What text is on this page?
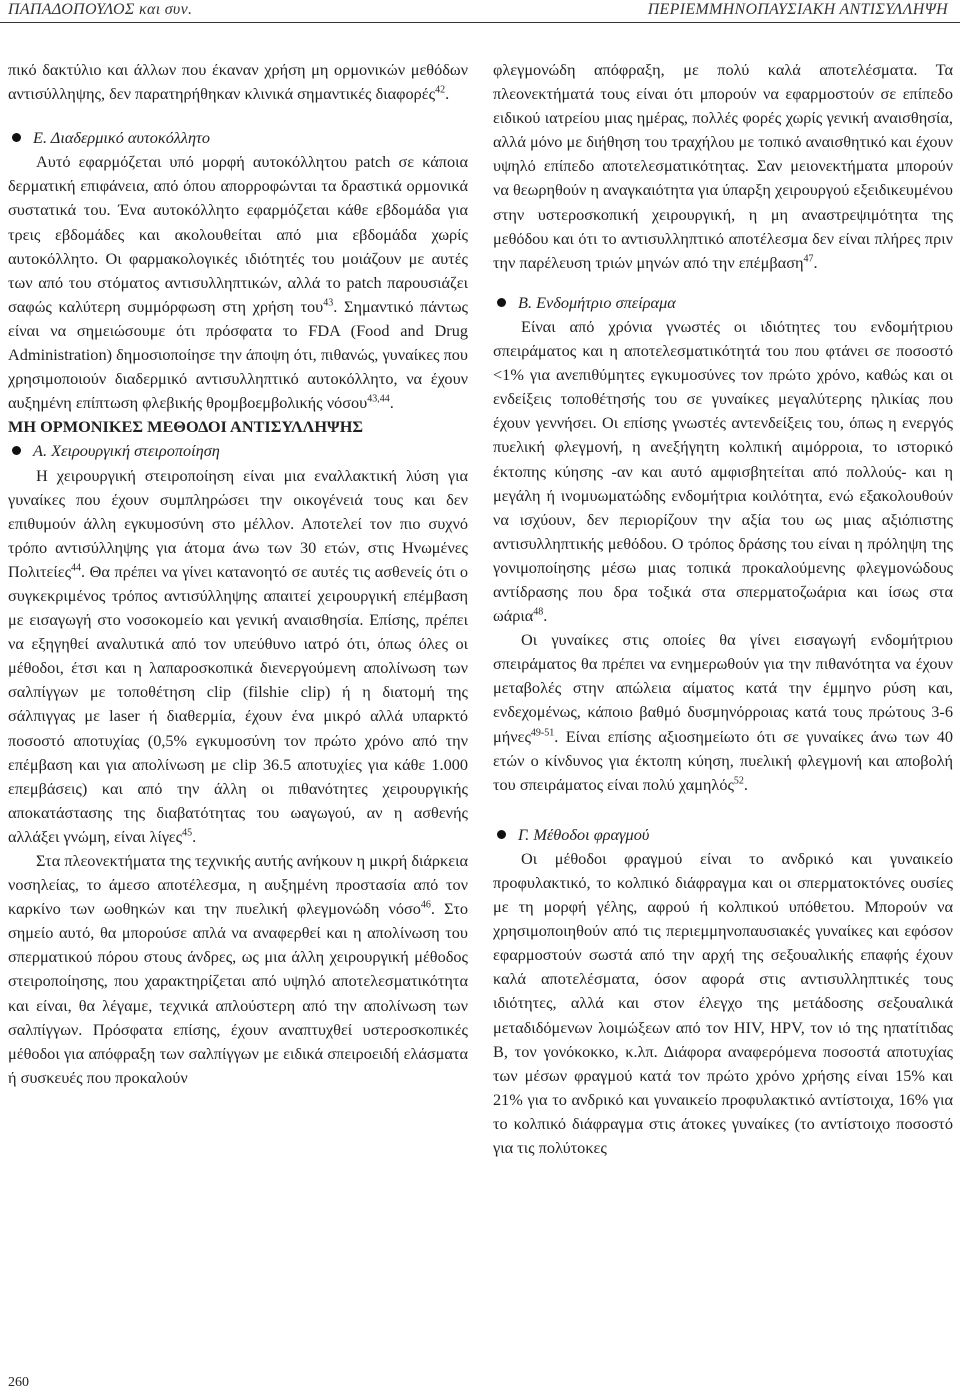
ΠΑΠΑΔΟΠΟΥΛΟΣ και συν.	ΠΕΡΙΕΜΜΗΝΟΠΑΥΣΙΑΚΗ ΑΝΤΙΣΥΛΛΗΨΗ

πικό δακτύλιο και άλλων που έκαναν χρήση μη ορμονικών μεθόδων αντισύλληψης, δεν παρατηρήθηκαν κλινικά σημαντικές διαφορές$^{42}$.

Ε. Διαδερμικό αυτοκόλλητο

Αυτό εφαρμόζεται υπό μορφή αυτοκόλλητου patch σε κάποια δερματική επιφάνεια, από όπου απορροφώνται τα δραστικά ορμονικά συστατικά του. Ένα αυτοκόλλητο εφαρμόζεται κάθε εβδομάδα για τρεις εβδομάδες και ακολουθείται από μια εβδομάδα χωρίς αυτοκόλλητο. Οι φαρμακολογικές ιδιότητές του μοιάζουν με αυτές των από του στόματος αντισυλληπτικών, αλλά το patch παρουσιάζει σαφώς καλύτερη συμμόρφωση στη χρήση του$^{43}$. Σημαντικό πάντως είναι να σημειώσουμε ότι πρόσφατα το FDA (Food and Drug Administration) δημοσιοποίησε την άποψη ότι, πιθανώς, γυναίκες που χρησιμοποιούν διαδερμικό αντισυλληπτικό αυτοκόλλητο, να έχουν αυξημένη επίπτωση φλεβικής θρομβοεμβολικής νόσου$^{43,44}$.

ΜΗ ΟΡΜΟΝΙΚΕΣ ΜΕΘΟΔΟΙ ΑΝΤΙΣΥΛΛΗΨΗΣ

Α. Χειρουργική στειροποίηση

Η χειρουργική στειροποίηση είναι μια εναλλακτική λύση για γυναίκες που έχουν συμπληρώσει την οικογένειά τους και δεν επιθυμούν άλλη εγκυμοσύνη στο μέλλον. Αποτελεί τον πιο συχνό τρόπο αντισύλληψης για άτομα άνω των 30 ετών, στις Ηνωμένες Πολιτείες$^{44}$. Θα πρέπει να γίνει κατανοητό σε αυτές τις ασθενείς ότι ο συγκεκριμένος τρόπος αντισύλληψης απαιτεί χειρουργική επέμβαση με εισαγωγή στο νοσοκομείο και γενική αναισθησία. Επίσης, πρέπει να εξηγηθεί αναλυτικά από τον υπεύθυνο ιατρό ότι, όπως όλες οι μέθοδοι, έτσι και η λαπαροσκοπικά διενεργούμενη απολίνωση των σαλπίγγων με τοποθέτηση clip (filshie clip) ή η διατομή της σάλπιγγας με laser ή διαθερμία, έχουν ένα μικρό αλλά υπαρκτό ποσοστό αποτυχίας (0,5% εγκυμοσύνη τον πρώτο χρόνο από την επέμβαση και για απολίνωση με clip 36.5 αποτυχίες για κάθε 1.000 επεμβάσεις) και από την άλλη οι πιθανότητες χειρουργικής αποκατάστασης της διαβατότητας του ωαγωγού, αν η ασθενής αλλάξει γνώμη, είναι λίγες$^{45}$.

Στα πλεονεκτήματα της τεχνικής αυτής ανήκουν η μικρή διάρκεια νοσηλείας, το άμεσο αποτέλεσμα, η αυξημένη προστασία από τον καρκίνο των ωοθηκών και την πυελική φλεγμονώδη νόσο$^{46}$. Στο σημείο αυτό, θα μπορούσε απλά να αναφερθεί και η απολίνωση του σπερματικού πόρου στους άνδρες, ως μια άλλη χειρουργική μέθοδος στειροποίησης, που χαρακτηρίζεται από υψηλό αποτελεσματικότητα και είναι, θα λέγαμε, τεχνικά απλούστερη από την απολίνωση των σαλπίγγων. Πρόσφατα επίσης, έχουν αναπτυχθεί υστεροσκοπικές μέθοδοι για απόφραξη των σαλπίγγων με ειδικά σπειροειδή ελάσματα ή συσκευές που προκαλούν

φλεγμονώδη απόφραξη, με πολύ καλά αποτελέσματα. Τα πλεονεκτήματά τους είναι ότι μπορούν να εφαρμοστούν σε επίπεδο ειδικού ιατρείου μιας ημέρας, πολλές φορές χωρίς γενική αναισθησία, αλλά μόνο με διήθηση του τραχήλου με τοπικό αναισθητικό και έχουν υψηλό επίπεδο αποτελεσματικότητας. Σαν μειονεκτήματα μπορούν να θεωρηθούν η αναγκαιότητα για ύπαρξη χειρουργού εξειδικευμένου στην υστεροσκοπική χειρουργική, η μη αναστρεψιμότητα της μεθόδου και ότι το αντισυλληπτικό αποτέλεσμα δεν είναι πλήρες πριν την παρέλευση τριών μηνών από την επέμβαση$^{47}$.

Β. Ενδομήτριο σπείραμα

Είναι από χρόνια γνωστές οι ιδιότητες του ενδομήτριου σπειράματος και η αποτελεσματικότητά του που φτάνει σε ποσοστό <1% για ανεπιθύμητες εγκυμοσύνες τον πρώτο χρόνο, καθώς και οι ενδείξεις τοποθέτησής του σε γυναίκες μεγαλύτερης ηλικίας που έχουν γεννήσει. Οι επίσης γνωστές αντενδείξεις του, όπως η ενεργός πυελική φλεγμονή, η ανεξήγητη κολπική αιμόρροια, το ιστορικό έκτοπης κύησης -αν και αυτό αμφισβητείται από πολλούς- και η μεγάλη ή ινομυωματώδης ενδομήτρια κοιλότητα, ενώ εξακολουθούν να ισχύουν, δεν περιορίζουν την αξία του ως μιας αξιόπιστης αντισυλληπτικής μεθόδου. Ο τρόπος δράσης του είναι η πρόληψη της γονιμοποίησης μέσω μιας τοπικά προκαλούμενης φλεγμονώδους αντίδρασης που δρα τοξικά στα σπερματοζωάρια και ίσως στα ωάρια$^{48}$.

Οι γυναίκες στις οποίες θα γίνει εισαγωγή ενδομήτριου σπειράματος θα πρέπει να ενημερωθούν για την πιθανότητα να έχουν μεταβολές στην απώλεια αίματος κατά την έμμηνο ρύση και, ενδεχομένως, κάποιο βαθμό δυσμηνόρροιας κατά τους πρώτους 3-6 μήνες$^{49-51}$. Είναι επίσης αξιοσημείωτο ότι σε γυναίκες άνω των 40 ετών ο κίνδυνος για έκτοπη κύηση, πυελική φλεγμονή και αποβολή του σπειράματος είναι πολύ χαμηλός$^{52}$.

Γ. Μέθοδοι φραγμού

Οι μέθοδοι φραγμού είναι το ανδρικό και γυναικείο προφυλακτικό, το κολπικό διάφραγμα και οι σπερματοκτόνες ουσίες με τη μορφή γέλης, αφρού ή κολπικού υπόθετου. Μπορούν να χρησιμοποιηθούν από τις περιεμμηνοπαυσιακές γυναίκες και εφόσον εφαρμοστούν σωστά από την αρχή της σεξουαλικής επαφής έχουν καλά αποτελέσματα, όσον αφορά στις αντισυλληπτικές τους ιδιότητες, αλλά και στον έλεγχο της μετάδοσης σεξουαλικά μεταδιδόμενων λοιμώξεων από τον HIV, HPV, τον ιό της ηπατίτιδας Β, τον γονόκοκκο, κ.λπ. Διάφορα αναφερόμενα ποσοστά αποτυχίας των μέσων φραγμού κατά τον πρώτο χρόνο χρήσης είναι 15% και 21% για το ανδρικό και γυναικείο προφυλακτικό αντίστοιχα, 16% για το κολπικό διάφραγμα στις άτοκες γυναίκες (το αντίστοιχο ποσοστό για τις πολύτοκες

260
